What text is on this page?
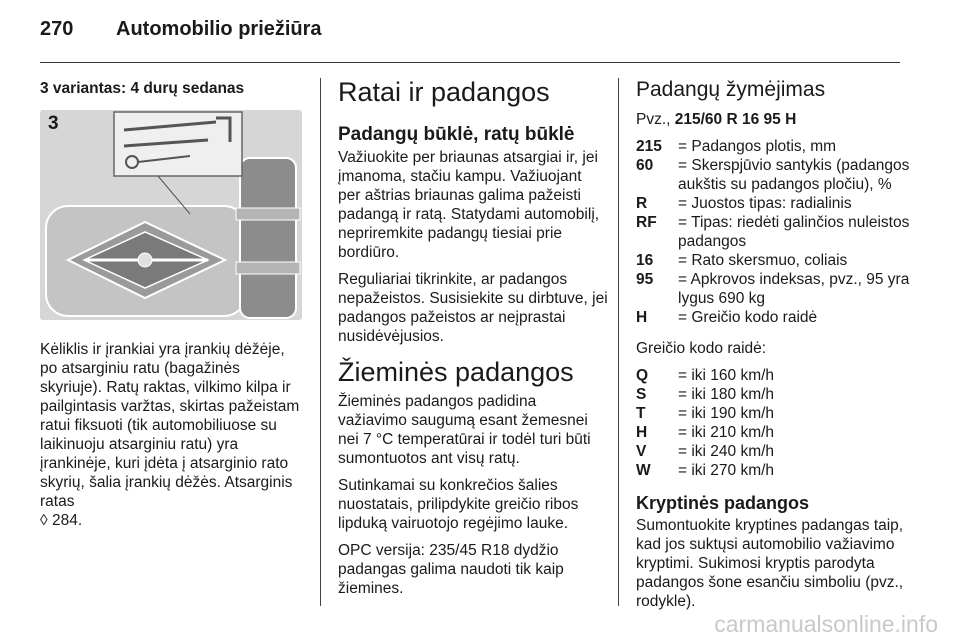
270 Automobilio priežiūra
3 variantas: 4 durų sedanas
3

Kėliklis ir įrankiai yra įrankių dėžėje, po atsarginiu ratu (bagažinės skyriuje). Ratų raktas, vilkimo kilpa ir pailgintasis varžtas, skirtas pažeistam ratui fiksuoti (tik automobiliuose su laikinuoju atsarginiu ratu) yra įrankinėje, kuri įdėta į atsarginio rato skyrių, šalia įrankių dėžės. Atsarginis ratas
◊ 284.

Ratai ir padangos
Padangų būklė, ratų būklė

Važiuokite per briaunas atsargiai ir, jei įmanoma, stačiu kampu. Važiuojant per aštrias briaunas galima pažeisti padangą ir ratą. Statydami automobilį, nepriremkite padangų tiesiai prie bordiūro.

Reguliariai tikrinkite, ar padangos nepažeistos. Susisiekite su dirbtuve, jei padangos pažeistos ar neįprastai nusidėvėjusios.

Žieminės padangos

Žieminės padangos padidina važiavimo saugumą esant žemesnei nei 7 °C temperatūrai ir todėl turi būti sumontuotos ant visų ratų.

Sutinkamai su konkrečios šalies nuostatais, prilipdykite greičio ribos lipduką vairuotojo regėjimo lauke.

OPC versija: 235/45 R18 dydžio padangas galima naudoti tik kaip žiemines.

Padangų žymėjimas

Pvz., 215/60 R 16 95 H

215	= Padangos plotis, mm
60	= Skerspjūvio santykis (padangos aukštis su padangos pločiu), %
R	= Juostos tipas: radialinis
RF	= Tipas: riedėti galinčios nuleistos padangos
16	= Rato skersmuo, coliais
95	= Apkrovos indeksas, pvz., 95 yra lygus 690 kg
H	= Greičio kodo raidė

Greičio kodo raidė:

Q	= iki 160 km/h
S	= iki 180 km/h
T	= iki 190 km/h
H	= iki 210 km/h
V	= iki 240 km/h
W	= iki 270 km/h
Kryptinės padangos

Sumontuokite kryptines padangas taip, kad jos suktųsi automobilio važiavimo kryptimi. Sukimosi kryptis parodyta padangos šone esančiu simboliu (pvz., rodykle).

carmanualsonline.info
